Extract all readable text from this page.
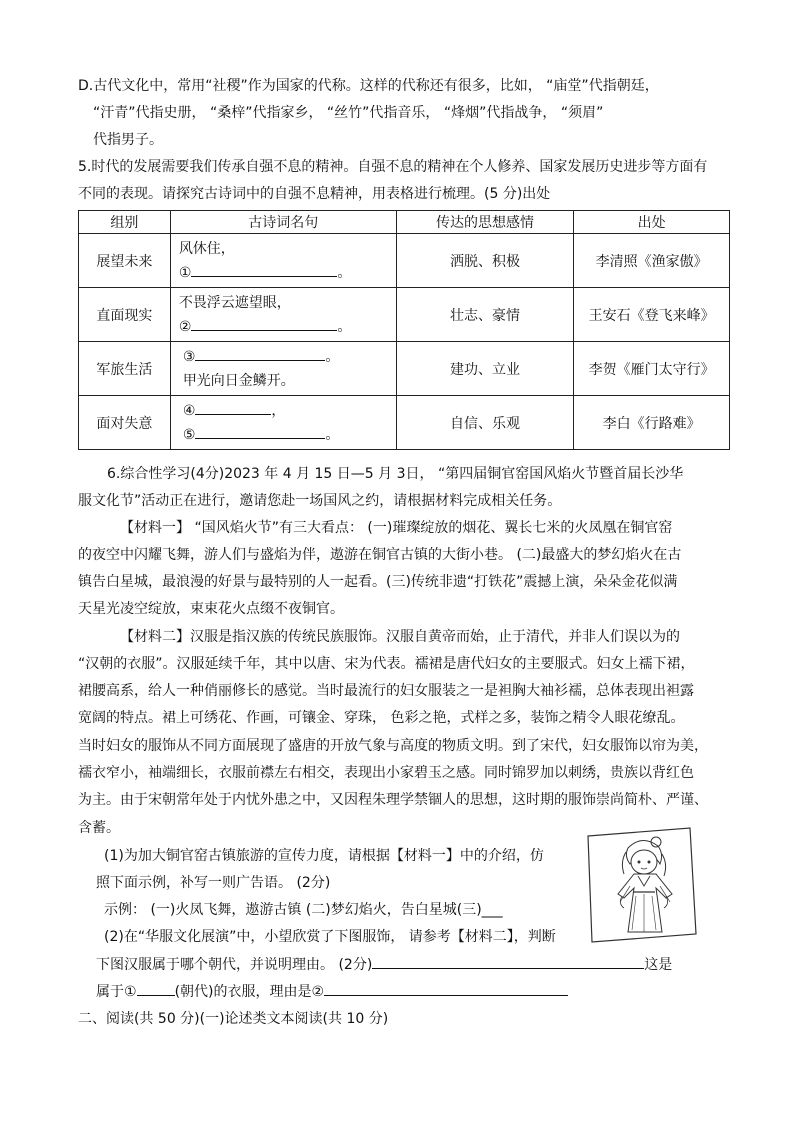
D.古代文化中，常用“社稷”作为国家的代称。这样的代称还有很多，比如， “庙堂”代指朝廷，
“汗青”代指史册， “桑梓”代指家乡， “丝竹”代指音乐， “烽烟”代指战争， “须眉”
代指男子。
5.时代的发展需要我们传承自强不息的精神。自强不息的精神在个人修养、国家发展历史进步等方面有
不同的表现。请探究古诗词中的自强不息精神，用表格进行梳理。(5 分)出处
组别	古诗词名句	传达的思想感情	出处
展望未来	风休住，
① 。	洒脱、积极	李清照《渔家傲》
直面现实	不畏浮云遮望眼，
② 。	壮志、豪情	王安石《登飞来峰》
军旅生活	③ 。
甲光向日金鳞开。	建功、立业	李贺《雁门太守行》
面对失意	④ ，
⑤ 。	自信、乐观	李白《行路难》
6.综合性学习(4分)2023 年 4 月 15 日—5 月 3日， “第四届铜官窑国风焰火节暨首届长沙华
服文化节”活动正在进行，邀请您赴一场国风之约，请根据材料完成相关任务。
【材料一】 “国风焰火节”有三大看点： (一)璀璨绽放的烟花、翼长七米的火凤凰在铜官窑
的夜空中闪耀飞舞，游人们与盛焰为伴，遨游在铜官古镇的大街小巷。 (二)最盛大的梦幻焰火在古
镇告白星城，最浪漫的好景与最特别的人一起看。(三)传统非遗“打铁花”震撼上演，朵朵金花似满
天星光凌空绽放，束束花火点缀不夜铜官。
【材料二】汉服是指汉族的传统民族服饰。汉服自黄帝而始，止于清代，并非人们误以为的
“汉朝的衣服”。汉服延续千年，其中以唐、宋为代表。襦裙是唐代妇女的主要服式。妇女上襦下裙，
裙腰高系，给人一种俏丽修长的感觉。当时最流行的妇女服装之一是袒胸大袖衫襦，总体表现出袒露
宽阔的特点。裙上可绣花、作画，可镶金、穿珠， 色彩之艳，式样之多，装饰之精令人眼花缭乱。
当时妇女的服饰从不同方面展现了盛唐的开放气象与高度的物质文明。到了宋代，妇女服饰以帘为美，
襦衣窄小，袖端细长，衣服前襟左右相交，表现出小家碧玉之感。同时锦罗加以刺绣，贵族以背红色
为主。由于宋朝常年处于内忧外患之中，又因程朱理学禁锢人的思想，这时期的服饰崇尚简朴、严谨、
含蓄。
(1)为加大铜官窑古镇旅游的宣传力度，请根据【材料一】中的介绍，仿
照下面示例，补写一则广告语。 (2分)
示例： (一)火凤飞舞，遨游古镇 (二)梦幻焰火，告白星城(三)___
(2)在“华服文化展演”中，小望欣赏了下图服饰， 请参考【材料二】，判断
下图汉服属于哪个朝代，并说明理由。 (2分)	这是
属于①	(朝代)的衣服，理由是②
二、阅读(共 50 分)(一)论述类文本阅读(共 10 分)
